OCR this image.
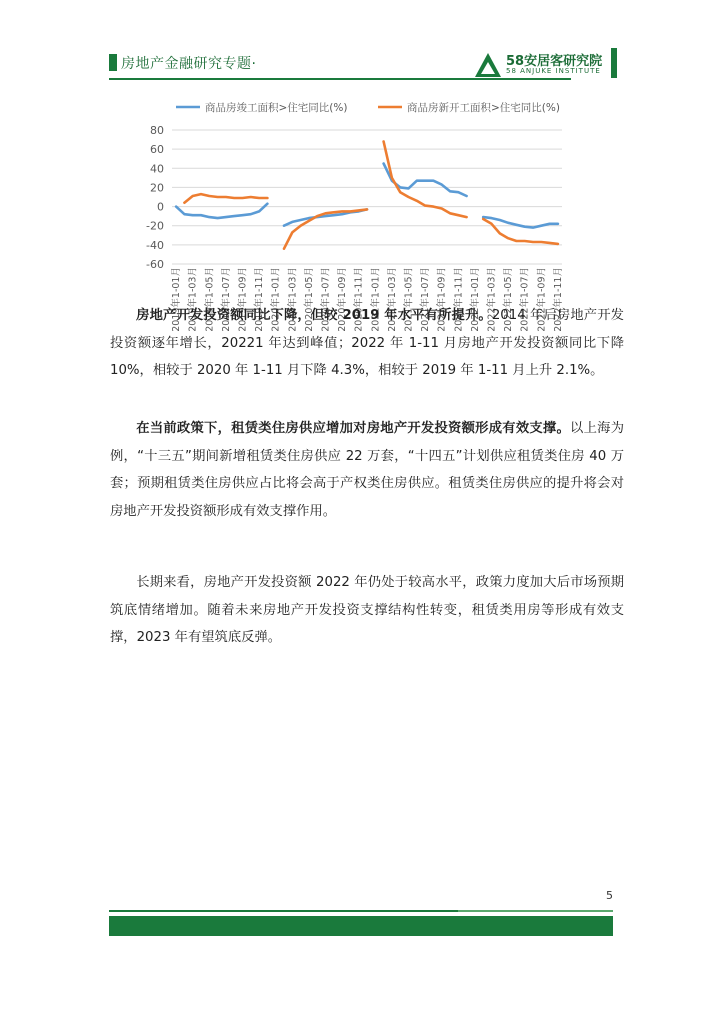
房地产金融研究专题·	58安居客研究院
58 ANJUKE INSTITUTE
80
60
40
20
0
-20
-40
-60
2019年1-01月 2019年1-03月 2019年1-05月 2019年1-07月 2019年1-09月 2019年1-11月 2020年1-01月 2020年1-03月 2020年1-05月 2020年1-07月 2020年1-09月 2020年1-11月 2021年1-01月 2021年1-03月 2021年1-05月 2021年1-07月 2021年1-09月 2021年1-11月 2022年1-01月 2022年1-03月 2022年1-05月 2022年1-07月 2022年1-09月 2022年1-11月
商品房竣工面积>住宅同比(%)	商品房新开工面积>住宅同比(%)
房地产开发投资额同比下降，但较 2019 年水平有所提升。2014 年后房地产开发投资额逐年增长，20221 年达到峰值；2022 年 1-11 月房地产开发投资额同比下降 10%，相较于 2020 年 1-11 月下降 4.3%，相较于 2019 年 1-11 月上升 2.1%。
在当前政策下，租赁类住房供应增加对房地产开发投资额形成有效支撑。以上海为例，“十三五”期间新增租赁类住房供应 22 万套，“十四五”计划供应租赁类住房 40 万套；预期租赁类住房供应占比将会高于产权类住房供应。租赁类住房供应的提升将会对房地产开发投资额形成有效支撑作用。
长期来看，房地产开发投资额 2022 年仍处于较高水平，政策力度加大后市场预期筑底情绪增加。随着未来房地产开发投资支撑结构性转变，租赁类用房等形成有效支撑，2023 年有望筑底反弹。
5
